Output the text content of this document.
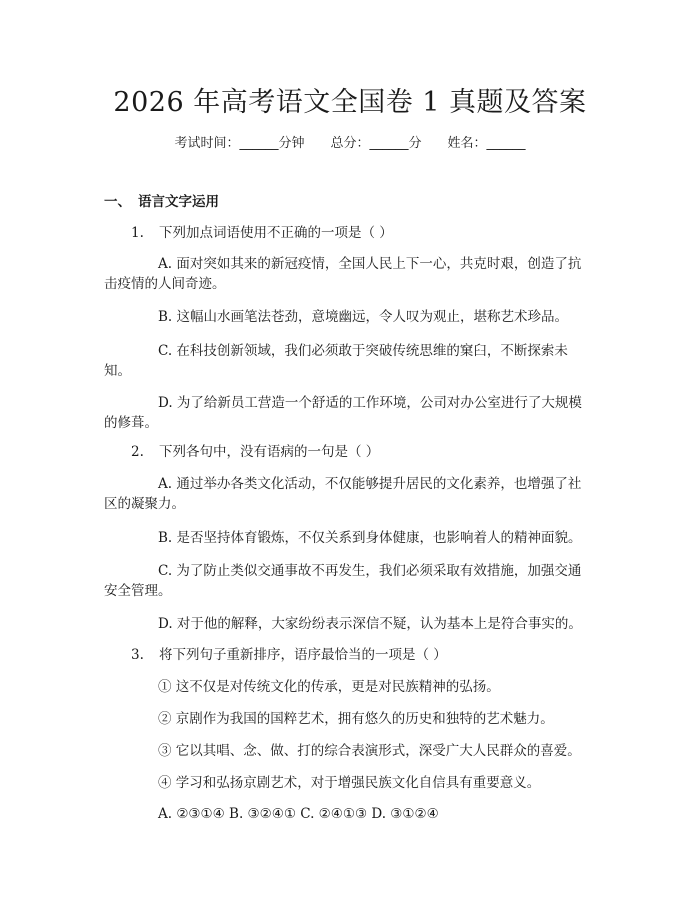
2026 年高考语文全国卷 1 真题及答案
考试时间：______分钟 总分：______分 姓名：______
一、 语言文字运用
1. 下列加点词语使用不正确的一项是（ ）
A. 面对突如其来的新冠疫情，全国人民上下一心，共克时艰，创造了抗
击疫情的人间奇迹。
B. 这幅山水画笔法苍劲，意境幽远，令人叹为观止，堪称艺术珍品。
C. 在科技创新领域，我们必须敢于突破传统思维的窠臼，不断探索未
知。
D. 为了给新员工营造一个舒适的工作环境，公司对办公室进行了大规模
的修葺。
2. 下列各句中，没有语病的一句是（ ）
A. 通过举办各类文化活动，不仅能够提升居民的文化素养，也增强了社
区的凝聚力。
B. 是否坚持体育锻炼，不仅关系到身体健康，也影响着人的精神面貌。
C. 为了防止类似交通事故不再发生，我们必须采取有效措施，加强交通
安全管理。
D. 对于他的解释，大家纷纷表示深信不疑，认为基本上是符合事实的。
3. 将下列句子重新排序，语序最恰当的一项是（ ）
① 这不仅是对传统文化的传承，更是对民族精神的弘扬。
② 京剧作为我国的国粹艺术，拥有悠久的历史和独特的艺术魅力。
③ 它以其唱、念、做、打的综合表演形式，深受广大人民群众的喜爱。
④ 学习和弘扬京剧艺术，对于增强民族文化自信具有重要意义。
A. ②③①④ B. ③②④① C. ②④①③ D. ③①②④
